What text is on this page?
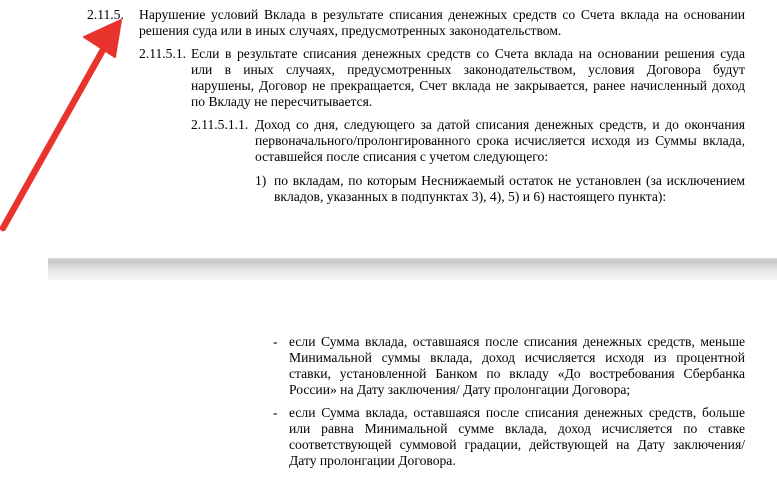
2.11.5. Нарушение условий Вклада в результате списания денежных средств со Счета вклада на основании
решения суда или в иных случаях, предусмотренных законодательством.
2.11.5.1. Если в результате списания денежных средств со Счета вклада на основании решения суда
или в иных случаях, предусмотренных законодательством, условия Договора будут
нарушены, Договор не прекращается, Счет вклада не закрывается, ранее начисленный доход
по Вкладу не пересчитывается.
2.11.5.1.1. Доход со дня, следующего за датой списания денежных средств, и до окончания
первоначального/пролонгированного срока исчисляется исходя из Суммы вклада,
оставшейся после списания с учетом следующего:
1) по вкладам, по которым Неснижаемый остаток не установлен (за исключением
вкладов, указанных в подпунктах 3), 4), 5) и 6) настоящего пункта):
- если Сумма вклада, оставшаяся после списания денежных средств, меньше
Минимальной суммы вклада, доход исчисляется исходя из процентной
ставки, установленной Банком по вкладу «До востребования Сбербанка
России» на Дату заключения/ Дату пролонгации Договора;
- если Сумма вклада, оставшаяся после списания денежных средств, больше
или равна Минимальной сумме вклада, доход исчисляется по ставке
соответствующей суммовой градации, действующей на Дату заключения/
Дату пролонгации Договора.
